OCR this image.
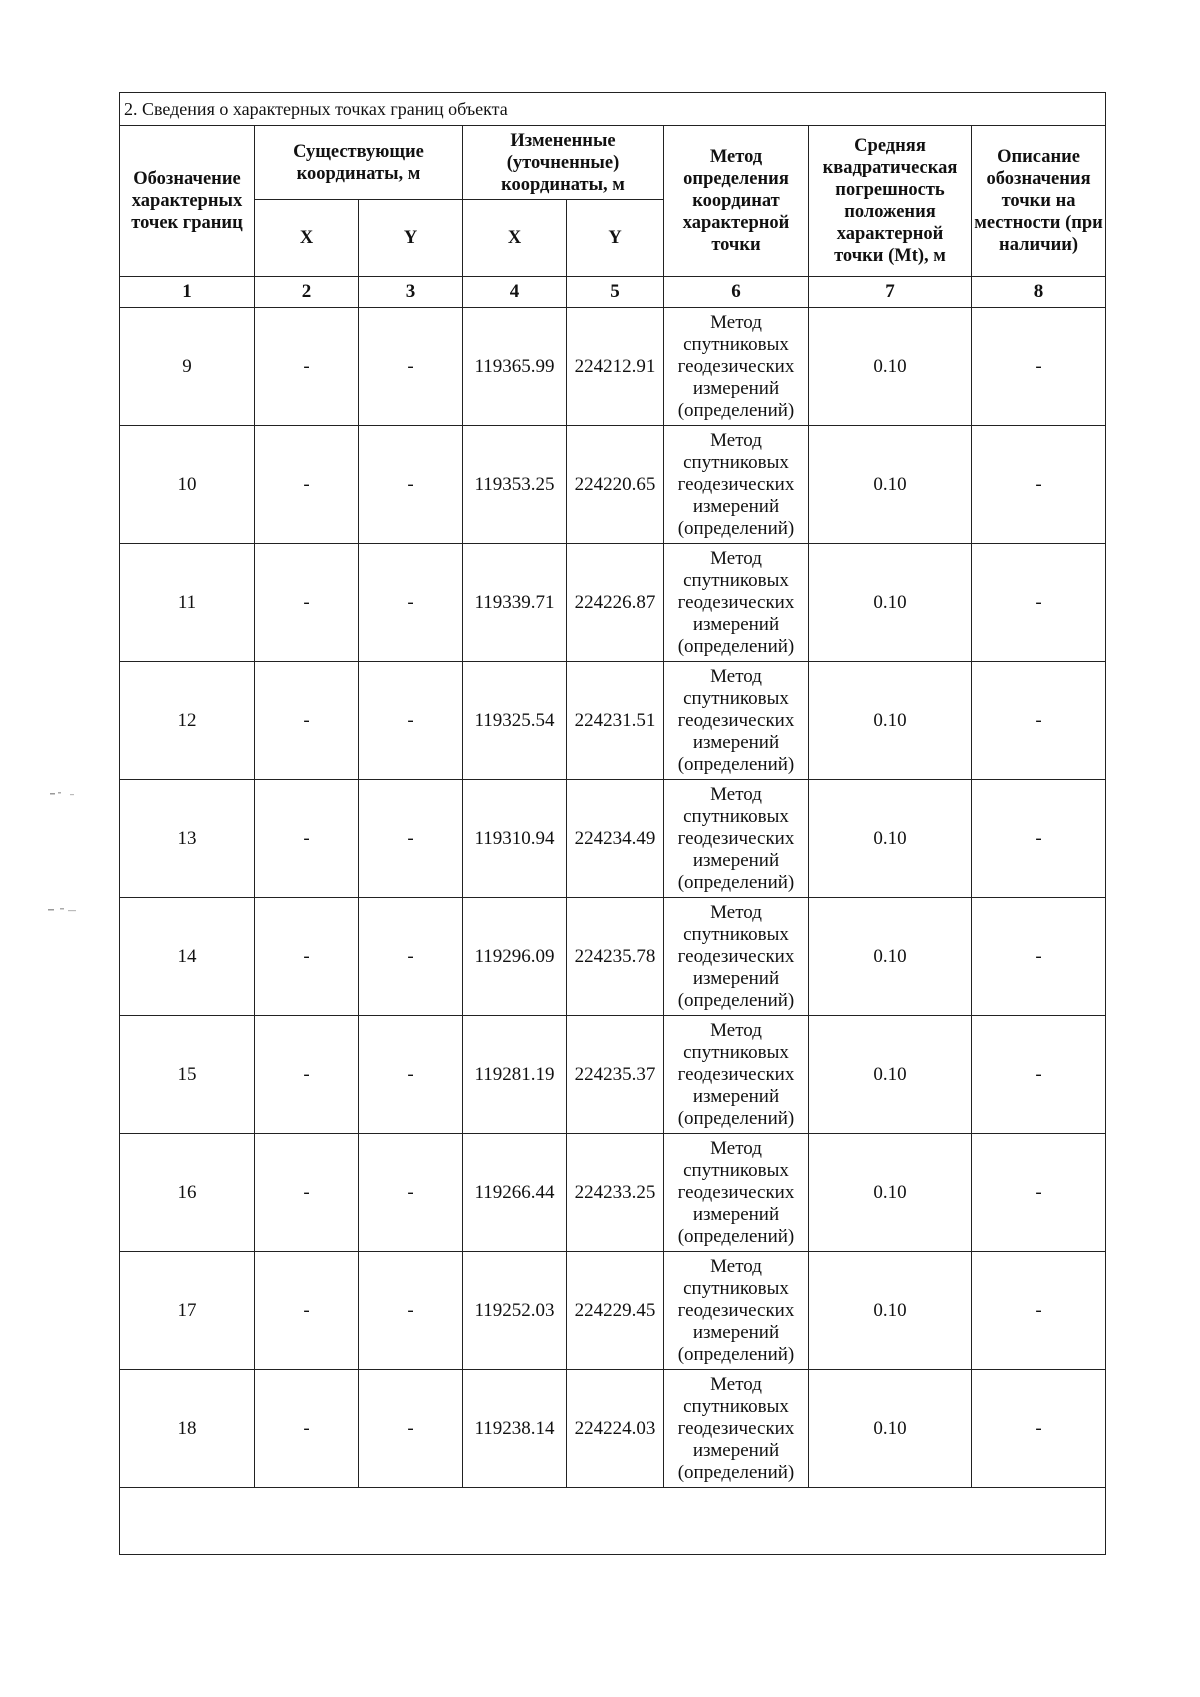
2. Сведения о характерных точках границ объекта							
Обозначение характерных точек границ	Существующие координаты, м		Измененные (уточненные) координаты, м		Метод определения координат характерной точки	Средняя квадратическая погрешность положения характерной точки (Mt), м	Описание обозначения точки на местности (при наличии)
	X	Y	X	Y			
1	2	3	4	5	6	7	8
9	-	-	119365.99	224212.91	Метод спутниковых геодезических измерений (определений)	0.10	-
10	-	-	119353.25	224220.65	Метод спутниковых геодезических измерений (определений)	0.10	-
11	-	-	119339.71	224226.87	Метод спутниковых геодезических измерений (определений)	0.10	-
12	-	-	119325.54	224231.51	Метод спутниковых геодезических измерений (определений)	0.10	-
13	-	-	119310.94	224234.49	Метод спутниковых геодезических измерений (определений)	0.10	-
14	-	-	119296.09	224235.78	Метод спутниковых геодезических измерений (определений)	0.10	-
15	-	-	119281.19	224235.37	Метод спутниковых геодезических измерений (определений)	0.10	-
16	-	-	119266.44	224233.25	Метод спутниковых геодезических измерений (определений)	0.10	-
17	-	-	119252.03	224229.45	Метод спутниковых геодезических измерений (определений)	0.10	-
18	-	-	119238.14	224224.03	Метод спутниковых геодезических измерений (определений)	0.10	-
